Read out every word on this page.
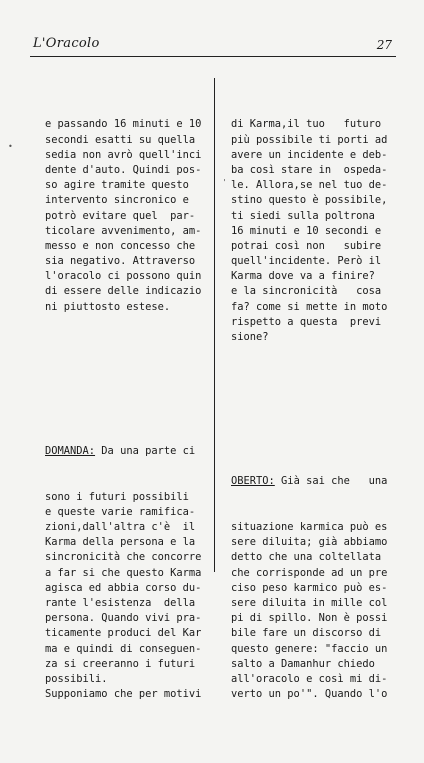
L'Oracolo	27
•
'

e passando 16 minuti e 10
secondi esatti su quella
sedia non avrò quell'inci
dente d'auto. Quindi pos-
so agire tramite questo
intervento sincronico e
potrò evitare quel  par-
ticolare avvenimento, am-
messo e non concesso che
sia negativo. Attraverso
l'oracolo ci possono quin
di essere delle indicazio
ni piuttosto estese.

DOMANDA: Da una parte ci

sono i futuri possibili
e queste varie ramifica-
zioni,dall'altra c'è  il
Karma della persona e la
sincronicità che concorre
a far si che questo Karma
agisca ed abbia corso du-
rante l'esistenza  della
persona. Quando vivi pra-
ticamente produci del Kar
ma e quindi di conseguen-
za si creeranno i futuri
possibili.
Supponiamo che per motivi

di Karma,il tuo   futuro
più possibile ti porti ad
avere un incidente e deb-
ba così stare in  ospeda-
le. Allora,se nel tuo de-
stino questo è possibile,
ti siedi sulla poltrona
16 minuti e 10 secondi e
potrai così non   subire
quell'incidente. Però il
Karma dove va a finire?
e la sincronicità   cosa
fa? come si mette in moto
rispetto a questa  previ
sione?

OBERTO: Già sai che   una

situazione karmica può es
sere diluita; già abbiamo
detto che una coltellata
che corrisponde ad un pre
ciso peso karmico può es-
sere diluita in mille col
pi di spillo. Non è possi
bile fare un discorso di
questo genere: "faccio un
salto a Damanhur chiedo
all'oracolo e così mi di-
verto un po'". Quando l'o
